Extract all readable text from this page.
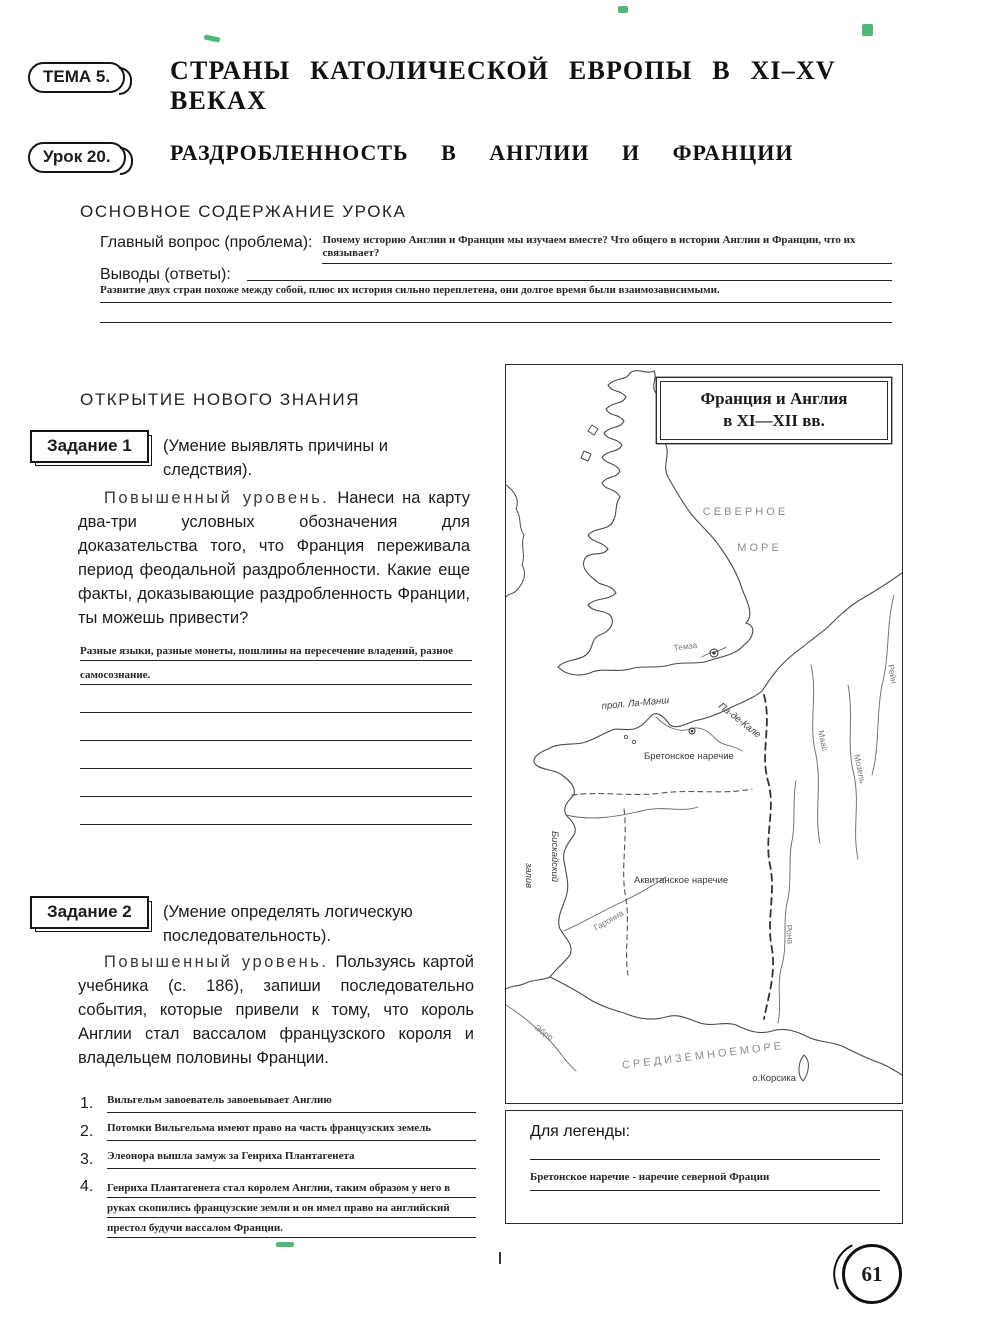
ТЕМА 5.	СТРАНЫ КАТОЛИЧЕСКОЙ ЕВРОПЫ В XI–XV ВЕКАХ
Урок 20.	РАЗДРОБЛЕННОСТЬ В АНГЛИИ И ФРАНЦИИ
ОСНОВНОЕ СОДЕРЖАНИЕ УРОКА
Главный вопрос (проблема): Почему историю Англии и Франции мы изучаем вместе? Что общего в истории Англии и Франции, что их связывает?
Выводы (ответы):
Развитие двух стран похоже между собой, плюс их история сильно переплетена, они долгое время были взаимозависимыми.
ОТКРЫТИЕ НОВОГО ЗНАНИЯ
Задание 1	(Умение выявлять причины и следствия).

Повышенный уровень. Нанеси на карту два-три условных обозначения для доказательства того, что Франция переживала период феодальной раздробленности. Какие еще факты, доказывающие раздробленность Франции, ты можешь привести?

Разные языки, разные монеты, пошлины на пересечение владений, разное
самосознание.
Задание 2	(Умение определять логическую последовательность).

Повышенный уровень. Пользуясь картой учебника (с. 186), запиши последовательно события, которые привели к тому, что король Англии стал вассалом французского короля и владельцем половины Франции.

1.	Вильгельм завоеватель завоевывает Англию
2.	Потомки Вильгельма имеют право на часть французских земель
3.	Элеонора вышла замуж за Генриха Плантагенета
4.	Генриха Плантагенета стал королем Англии, таким образом у него в руках скопились французские земли и он имел право на английский престол будучи вассалом Франции.
Франция и Англия
в XI—XII вв.
С Е В Е Р Н О Е
М О Р Е
прол. Ла-Манш	Па-де-Кале
Бретонское наречие
Аквитанское наречие
Бискайский
залив
С Р Е Д И З Е М Н О Е М О Р Е
о.Корсика
Темза
Маас
Мозель
Рейн
Рона
Гаронна
Эбро
Для легенды:
Бретонское наречие - наречие северной Фрации
61
